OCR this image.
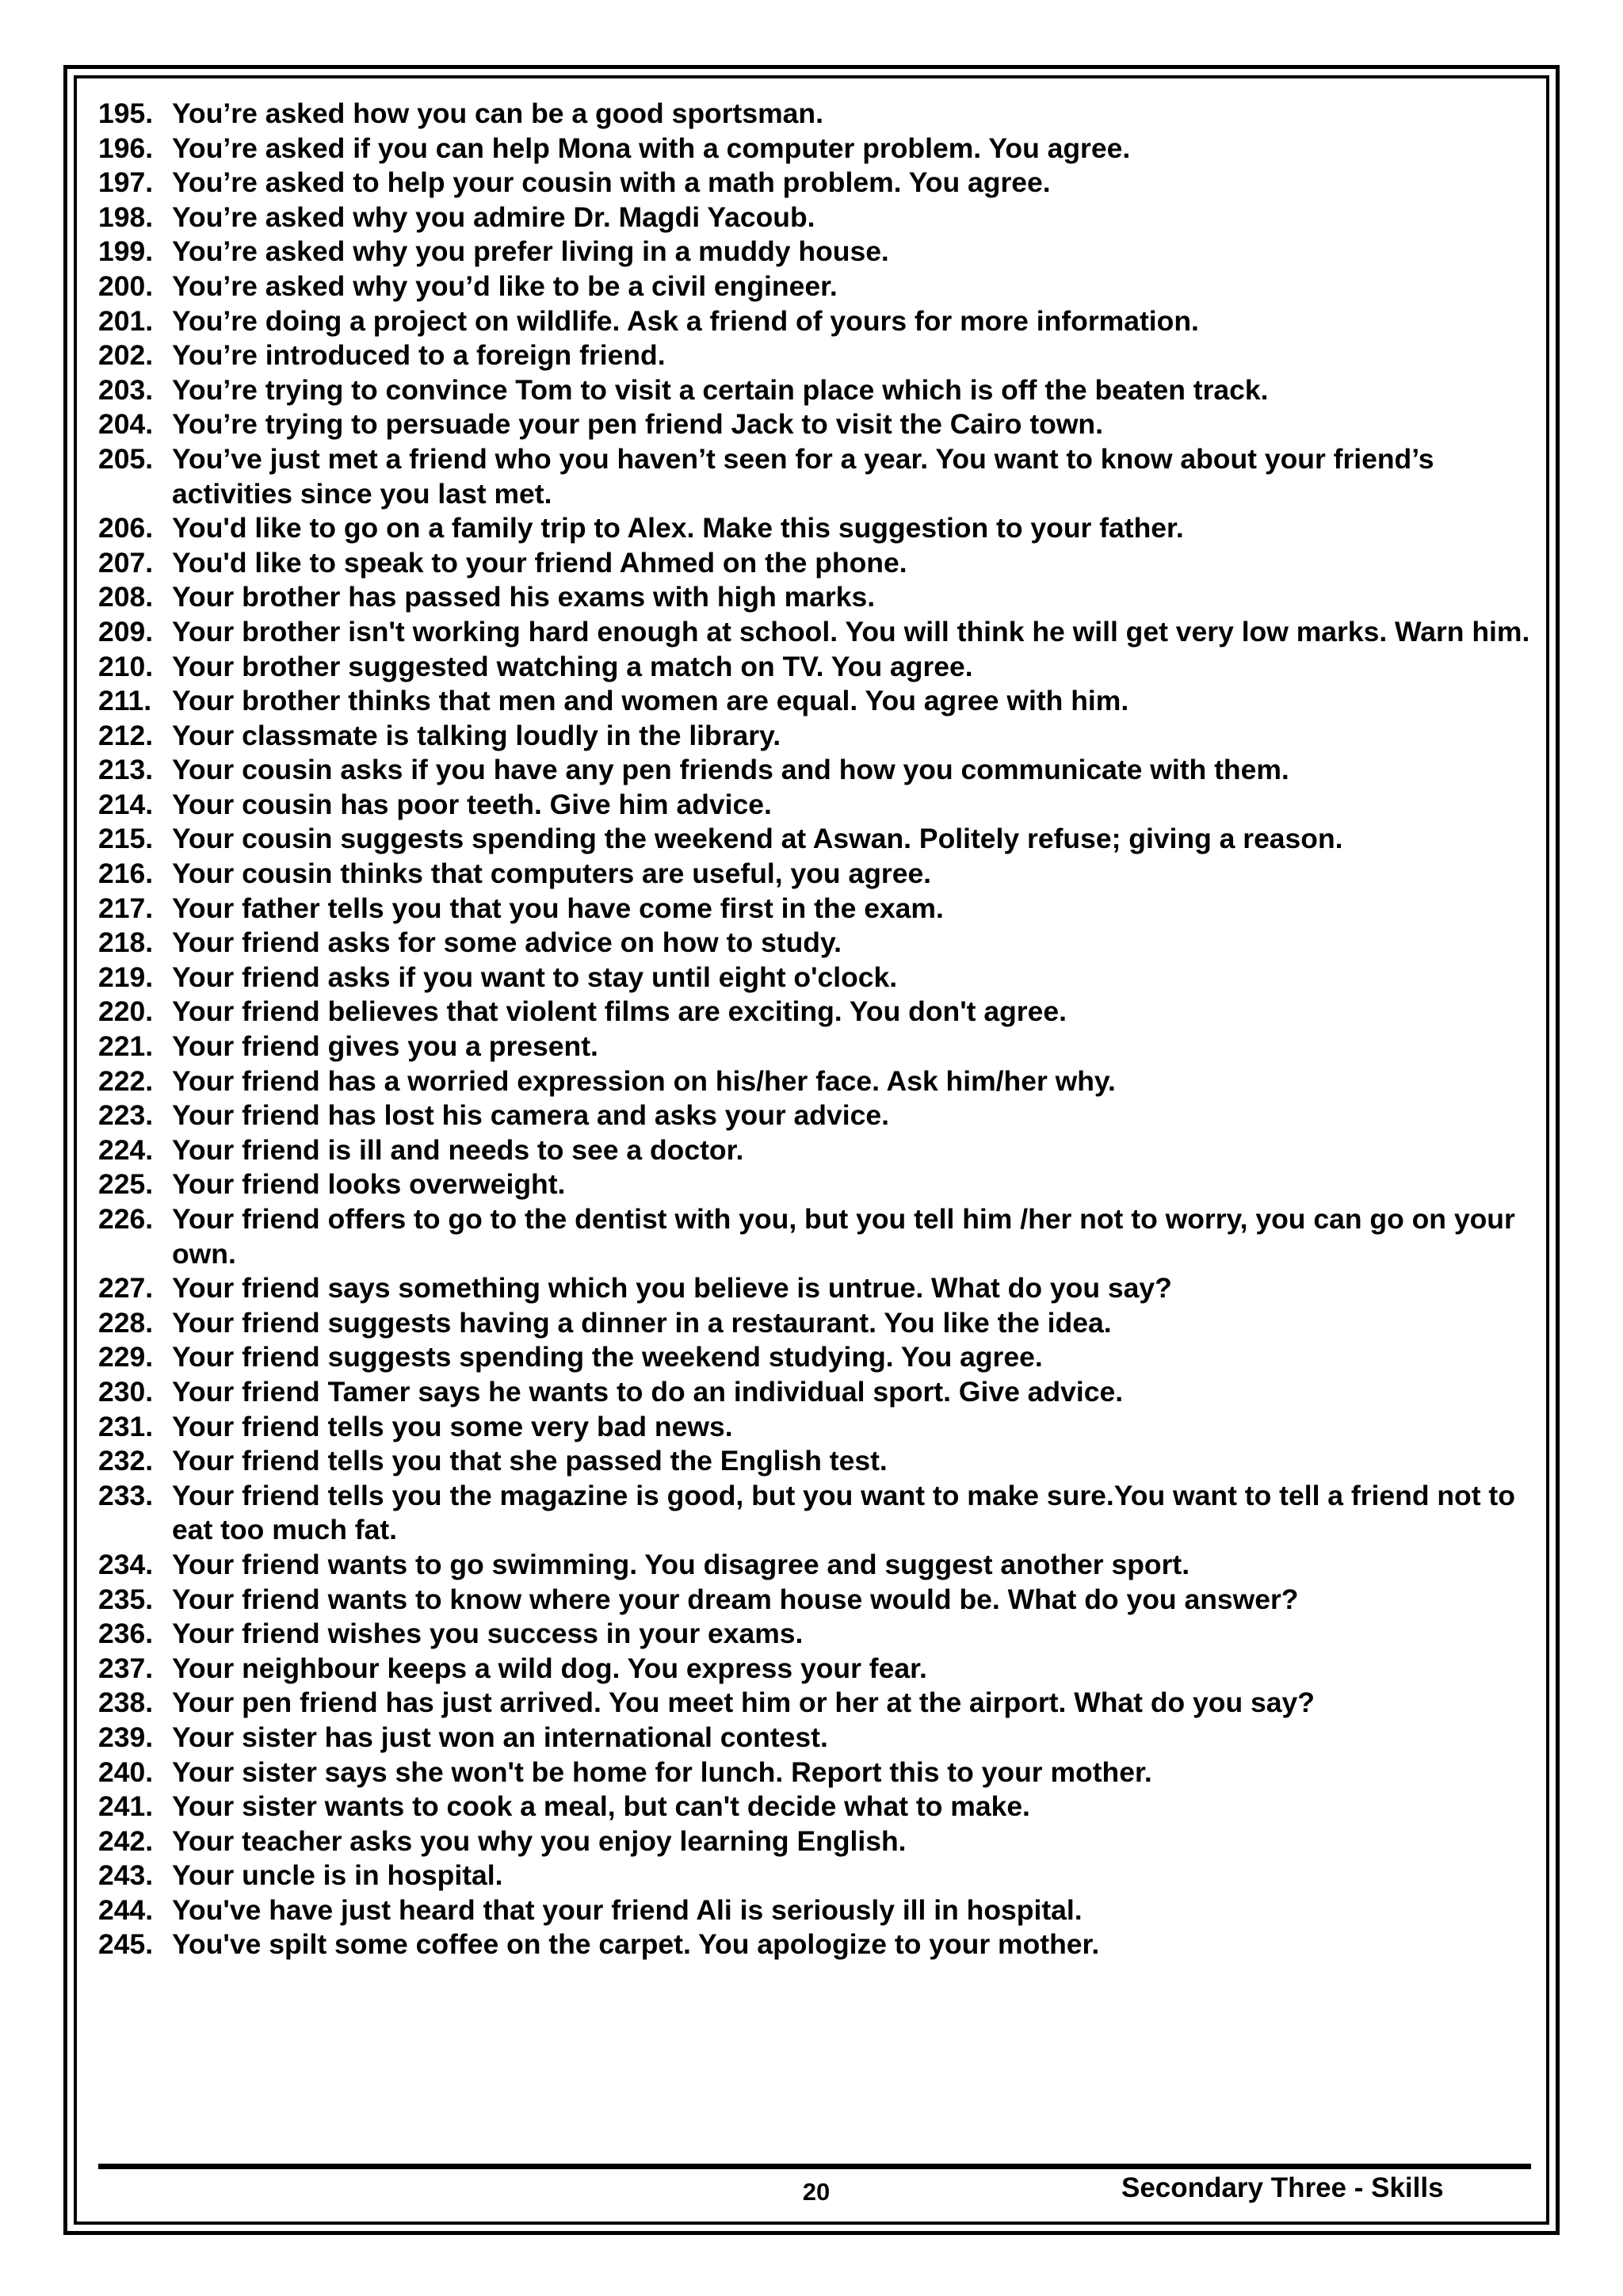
195. You’re asked how you can be a good sportsman.
196. You’re asked if you can help Mona with a computer problem. You agree.
197. You’re asked to help your cousin with a math problem. You agree.
198. You’re asked why you admire Dr. Magdi Yacoub.
199. You’re asked why you prefer living in a muddy house.
200. You’re asked why you’d like to be a civil engineer.
201. You’re doing a project on wildlife. Ask a friend of yours for more information.
202. You’re introduced to a foreign friend.
203. You’re trying to convince Tom to visit a certain place which is off the beaten track.
204. You’re trying to persuade your pen friend Jack to visit the Cairo town.
205. You’ve just met a friend who you haven’t seen for a year. You want to know about your friend’s activities since you last met.
206. You'd like to go on a family trip to Alex. Make this suggestion to your father.
207. You'd like to speak to your friend Ahmed on the phone.
208. Your brother has passed his exams with high marks.
209. Your brother isn't working hard enough at school. You will think he will get very low marks. Warn him.
210. Your brother suggested watching a match on TV. You agree.
211. Your brother thinks that men and women are equal. You agree with him.
212. Your classmate is talking loudly in the library.
213. Your cousin asks if you have any pen friends and how you communicate with them.
214. Your cousin has poor teeth. Give him advice.
215. Your cousin suggests spending the weekend at Aswan. Politely refuse; giving a reason.
216. Your cousin thinks that computers are useful, you agree.
217. Your father tells you that you have come first in the exam.
218. Your friend asks for some advice on how to study.
219. Your friend asks if you want to stay until eight o'clock.
220. Your friend believes that violent films are exciting. You don't agree.
221. Your friend gives you a present.
222. Your friend has a worried expression on his/her face. Ask him/her why.
223. Your friend has lost his camera and asks your advice.
224. Your friend is ill and needs to see a doctor.
225. Your friend looks overweight.
226. Your friend offers to go to the dentist with you, but you tell him /her not to worry, you can go on your own.
227. Your friend says something which you believe is untrue. What do you say?
228. Your friend suggests having a dinner in a restaurant. You like the idea.
229. Your friend suggests spending the weekend studying. You agree.
230. Your friend Tamer says he wants to do an individual sport. Give advice.
231. Your friend tells you some very bad news.
232. Your friend tells you that she passed the English test.
233. Your friend tells you the magazine is good, but you want to make sure.You want to tell a friend not to eat too much fat.
234. Your friend wants to go swimming. You disagree and suggest another sport.
235. Your friend wants to know where your dream house would be. What do you answer?
236. Your friend wishes you success in your exams.
237. Your neighbour keeps a wild dog. You express your fear.
238. Your pen friend has just arrived. You meet him or her at the airport. What do you say?
239. Your sister has just won an international contest.
240. Your sister says she won't be home for lunch. Report this to your mother.
241. Your sister wants to cook a meal, but can't decide what to make.
242. Your teacher asks you why you enjoy learning English.
243. Your uncle is in hospital.
244. You've have just heard that your friend Ali is seriously ill in hospital.
245. You've spilt some coffee on the carpet. You apologize to your mother.
20	Secondary Three - Skills
